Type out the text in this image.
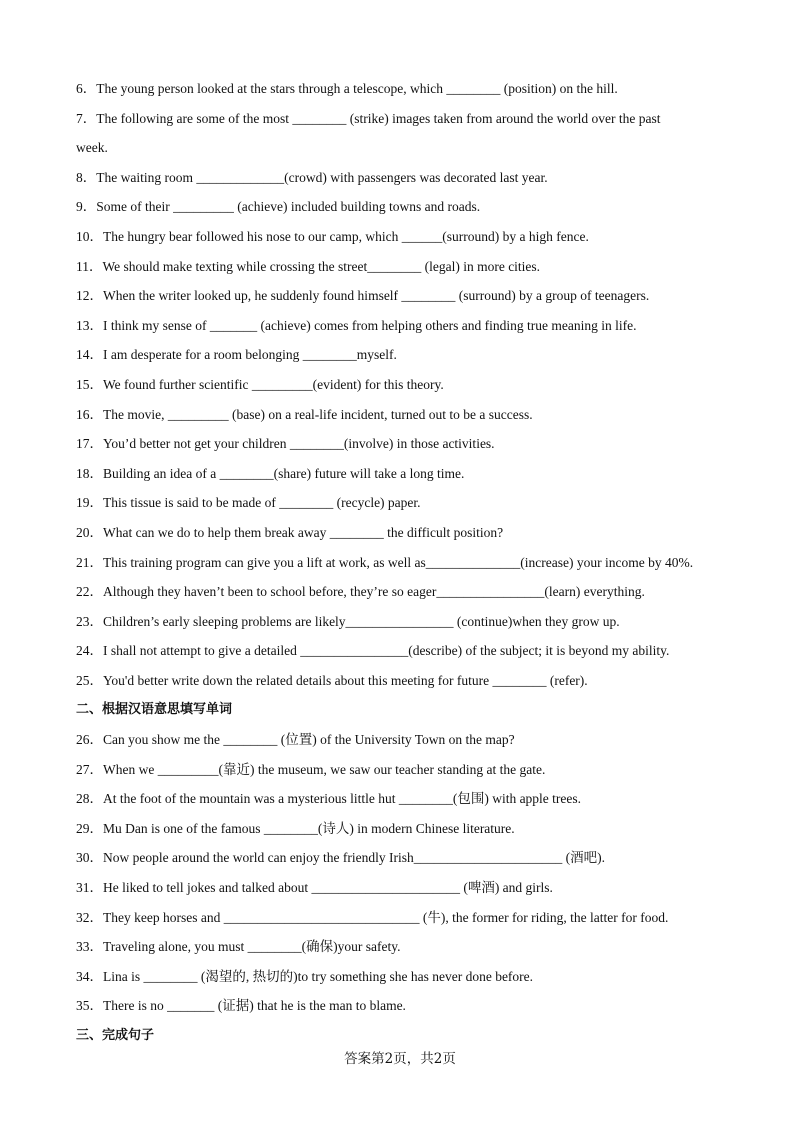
6．The young person looked at the stars through a telescope, which ________ (position) on the hill.
7．The following are some of the most ________ (strike) images taken from around the world over the past
week.
8．The waiting room _____________(crowd) with passengers was decorated last year.
9．Some of their _________ (achieve) included building towns and roads.
10．The hungry bear followed his nose to our camp, which ______(surround) by a high fence.
11．We should make texting while crossing the street________ (legal) in more cities.
12．When the writer looked up, he suddenly found himself ________ (surround) by a group of teenagers.
13．I think my sense of _______ (achieve) comes from helping others and finding true meaning in life.
14．I am desperate for a room belonging ________myself.
15．We found further scientific _________(evident) for this theory.
16．The movie, _________ (base) on a real-life incident, turned out to be a success.
17．You’d better not get your children ________(involve) in those activities.
18．Building an idea of a ________(share) future will take a long time.
19．This tissue is said to be made of ________ (recycle) paper.
20．What can we do to help them break away ________ the difficult position?
21．This training program can give you a lift at work, as well as______________(increase) your income by 40%.
22．Although they haven’t been to school before, they’re so eager________________(learn) everything.
23．Children’s early sleeping problems are likely________________ (continue)when they grow up.
24．I shall not attempt to give a detailed ________________(describe) of the subject; it is beyond my ability.
25．You'd better write down the related details about this meeting for future ________ (refer).
二、根据汉语意思填写单词
26．Can you show me the ________ (位置) of the University Town on the map?
27．When we _________(靠近) the museum, we saw our teacher standing at the gate.
28．At the foot of the mountain was a mysterious little hut ________(包围) with apple trees.
29．Mu Dan is one of the famous ________(诗人) in modern Chinese literature.
30．Now people around the world can enjoy the friendly Irish______________________ (酒吧).
31．He liked to tell jokes and talked about ______________________ (啤酒) and girls.
32．They keep horses and _____________________________ (牛), the former for riding, the latter for food.
33．Traveling alone, you must ________(确保)your safety.
34．Lina is ________ (渴望的, 热切的)to try something she has never done before.
35．There is no _______ (证据) that he is the man to blame.
三、完成句子
答案第2页，共2页
